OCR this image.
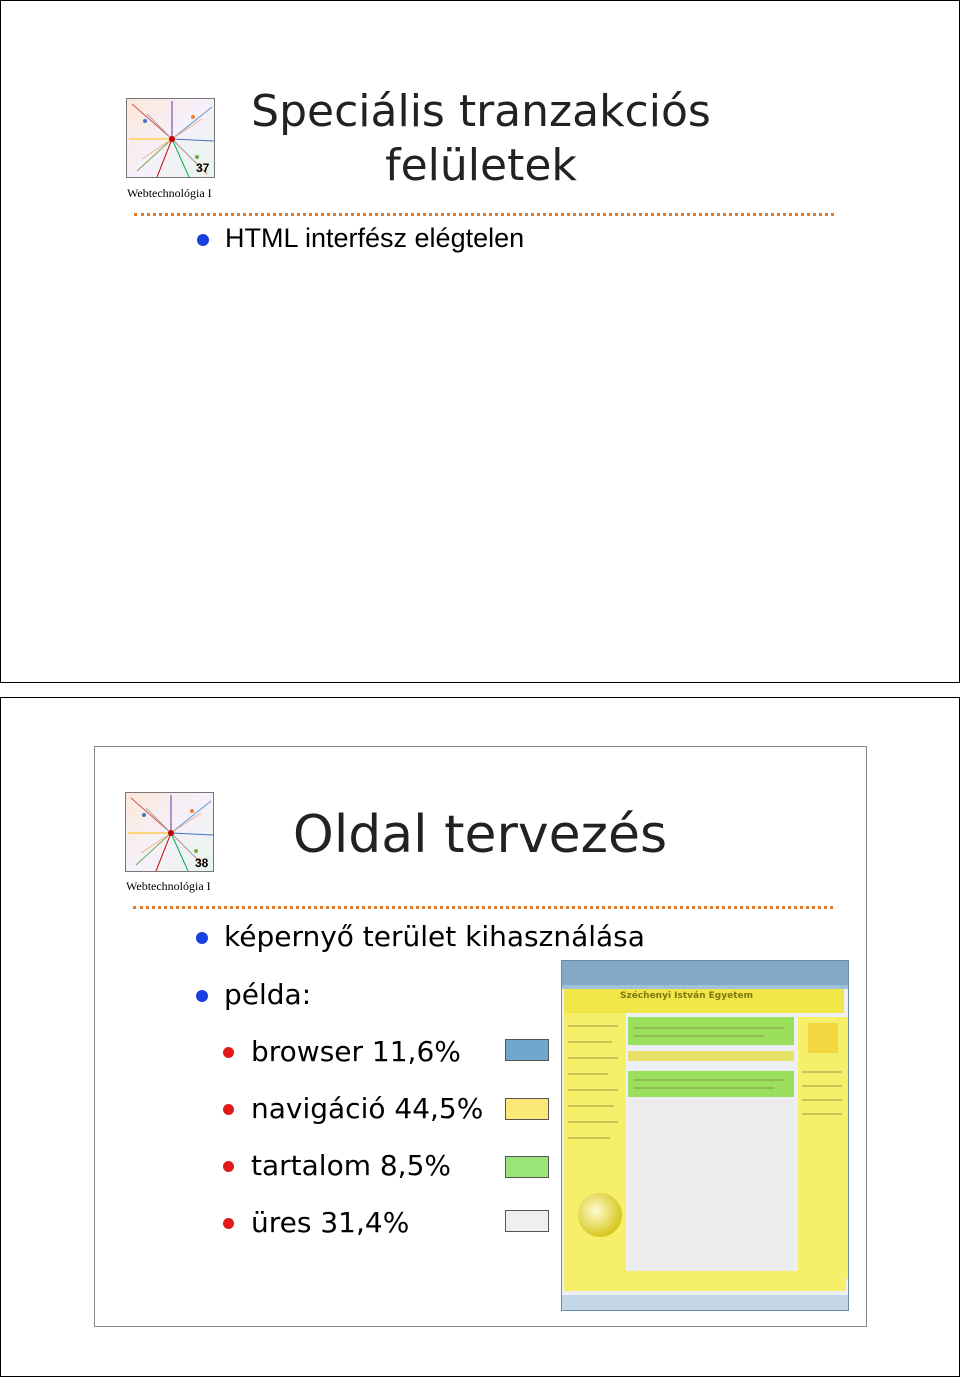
37
Webtechnológia I
Speciális tranzakciós
felületek
HTML interfész elégtelen
38
Webtechnológia I
Oldal tervezés
képernyő terület kihasználása
példa:
browser 11,6%
navigáció 44,5%
tartalom 8,5%
üres 31,4%
Széchenyi István Egyetem
